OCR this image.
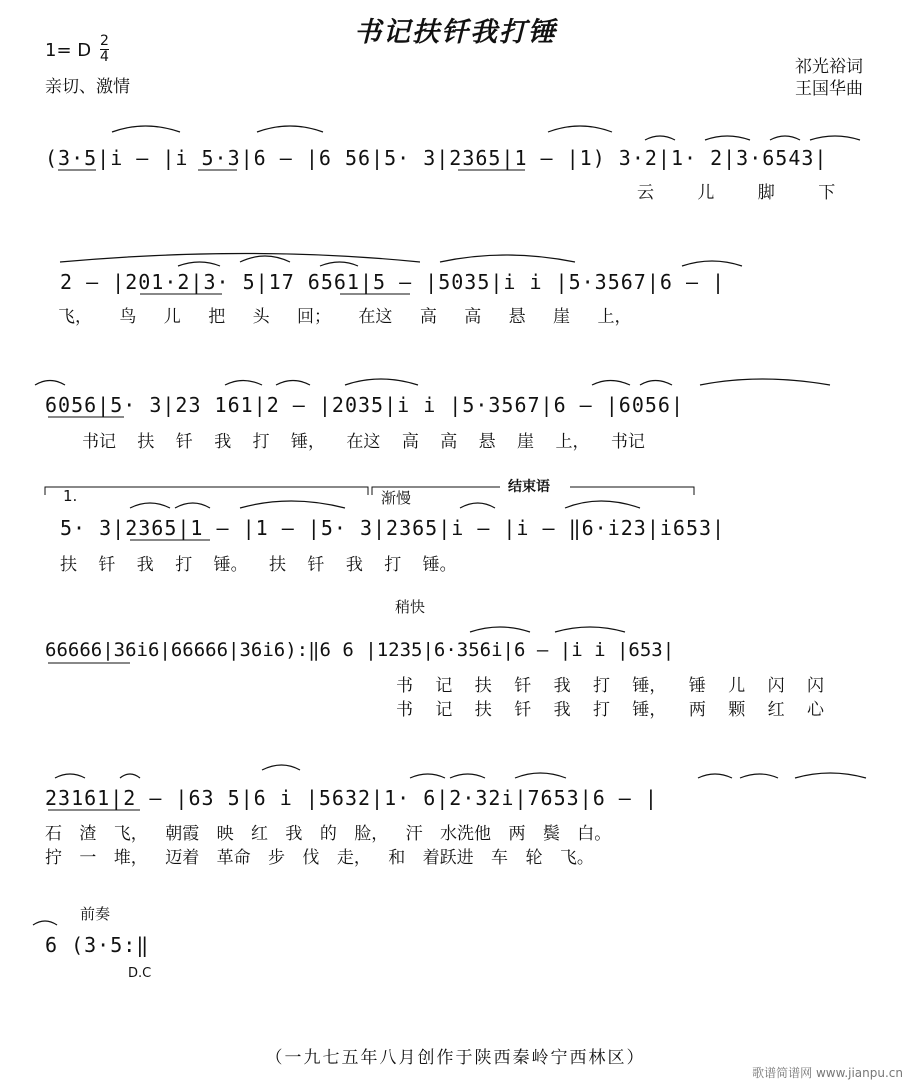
书记扶钎我打锤
1= D 2
4
亲切、激情
祁光裕词
王国华曲
(3·5|i — |i 5·3|6 — |6 56|5· 3|2365|1 — |1) 3·2|1· 2|3·6543|
云 儿 脚 下
2 — |201·2|3· 5|17 6561|5 — |5035|i i |5·3567|6 — |
飞， 鸟 儿 把 头 回； 在这 高 高 悬 崖 上，
6056|5· 3|23 161|2 — |2035|i i |5·3567|6 — |6056|
书记 扶 钎 我 打 锤， 在这 高 高 悬 崖 上， 书记
1.	渐慢
结束语
5· 3|2365|1 — |1 — |5· 3|2365|i — |i — ‖6·i23|i653|
扶 钎 我 打 锤。 扶 钎 我 打 锤。
稍快
66666|36i6|66666|36i6):‖6 6 |1235|6·356i|6 — |i i |653|
书 记 扶 钎 我 打 锤， 锤 儿 闪 闪
书 记 扶 钎 我 打 锤， 两 颗 红 心
23161|2 — |63 5|6 i |5632|1· 6|2·32i|7653|6 — |
石 渣 飞， 朝霞 映 红 我 的 脸， 汗 水洗他 两 鬓 白。
拧 一 堆， 迈着 革命 步 伐 走， 和 着跃进 车 轮 飞。
前奏
6 (3·5:‖
D.C
（一九七五年八月创作于陕西秦岭宁西林区）
歌谱简谱网 www.jianpu.cn
